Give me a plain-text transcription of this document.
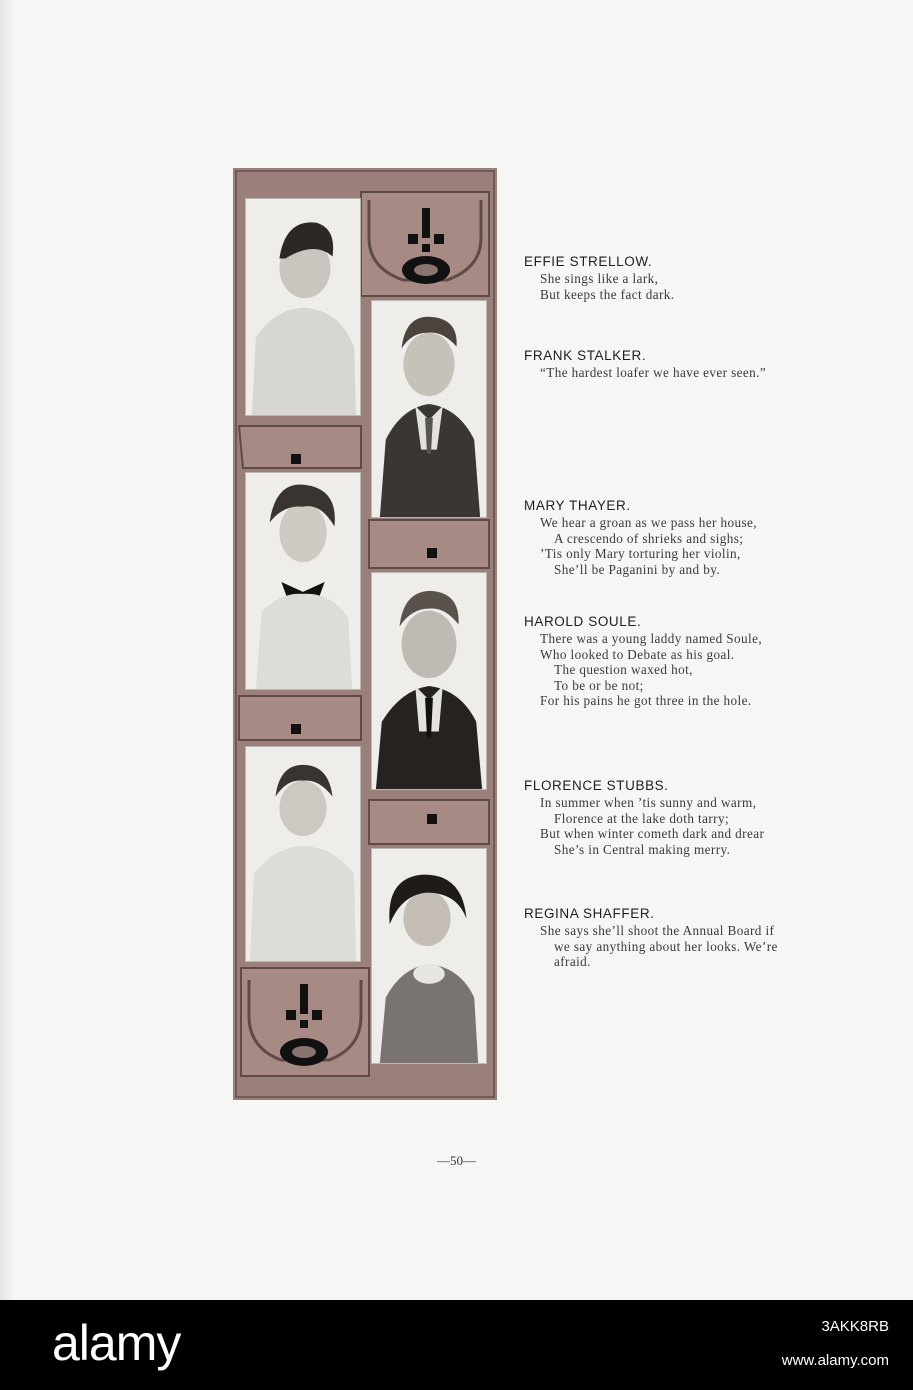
EFFIE STRELLOW.
She sings like a lark,
But keeps the fact dark.
FRANK STALKER.
“The hardest loafer we have ever seen.”
MARY THAYER.
We hear a groan as we pass her house,
A crescendo of shrieks and sighs;
’Tis only Mary torturing her violin,
She’ll be Paganini by and by.
HAROLD SOULE.
There was a young laddy named Soule,
Who looked to Debate as his goal.
The question waxed hot,
To be or be not;
For his pains he got three in the hole.
FLORENCE STUBBS.
In summer when ’tis sunny and warm,
Florence at the lake doth tarry;
But when winter cometh dark and drear
She’s in Central making merry.
REGINA SHAFFER.
She says she’ll shoot the Annual Board if
we say anything about her looks. We’re
afraid.
—50—
alamy	3AKK8RB
www.alamy.com
